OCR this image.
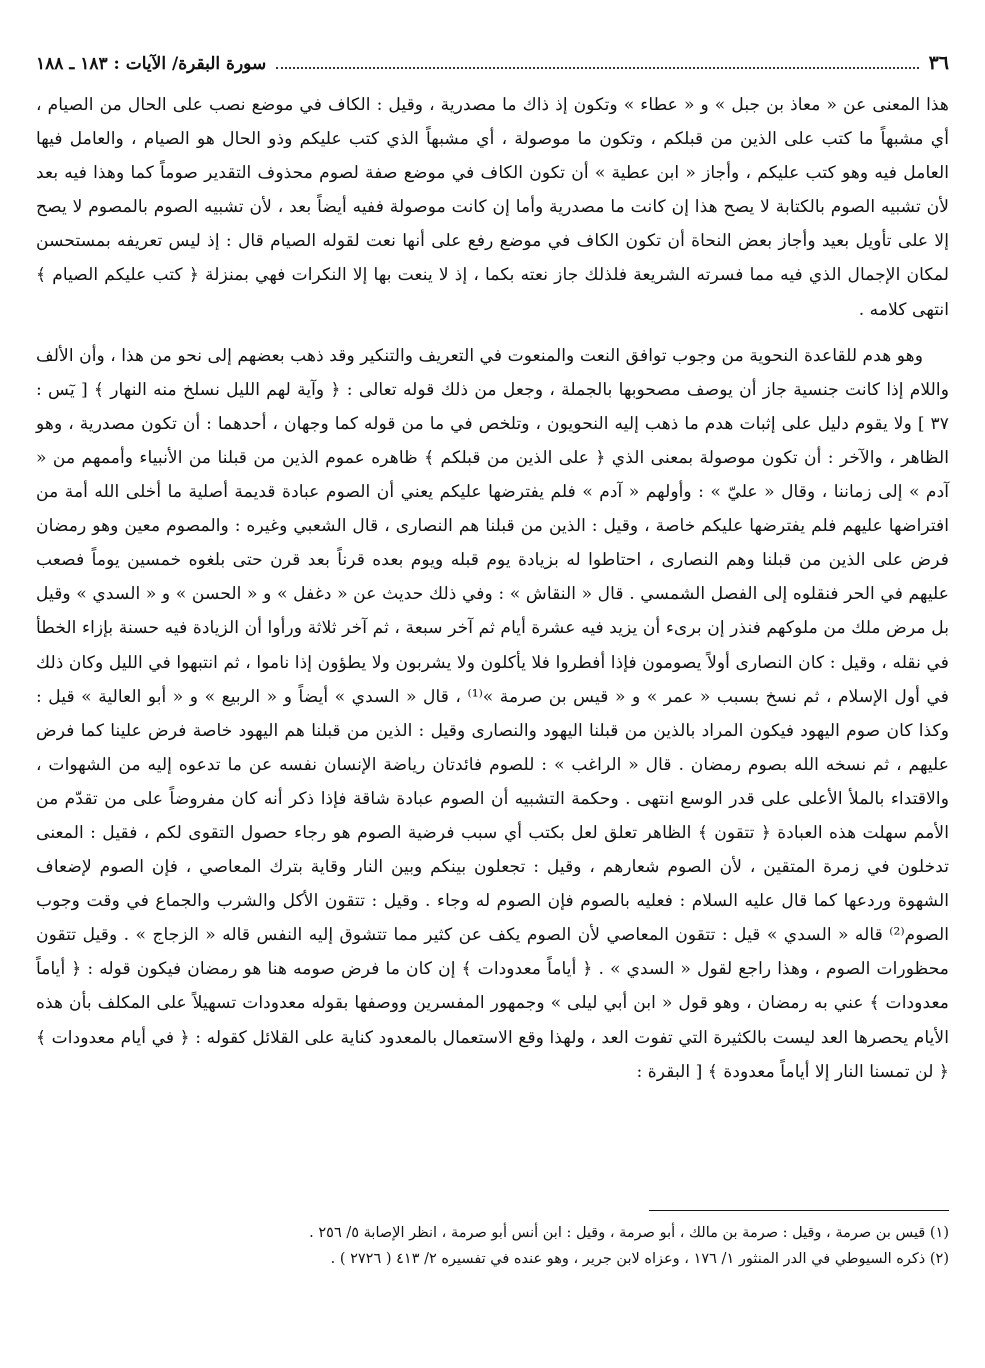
٣٦
سورة البقرة/ الآيات : ١٨٣ ـ ١٨٨

هذا المعنى عن « معاذ بن جبل » و « عطاء » وتكون إذ ذاك ما مصدرية ، وقيل : الكاف في موضع نصب على الحال من الصيام ، أي مشبهاً ما كتب على الذين من قبلكم ، وتكون ما موصولة ، أي مشبهاً الذي كتب عليكم وذو الحال هو الصيام ، والعامل فيها العامل فيه وهو كتب عليكم ، وأجاز « ابن عطية » أن تكون الكاف في موضع صفة لصوم محذوف التقدير صوماً كما وهذا فيه بعد لأن تشبيه الصوم بالكتابة لا يصح هذا إن كانت ما مصدرية وأما إن كانت موصولة ففيه أيضاً بعد ، لأن تشبيه الصوم بالمصوم لا يصح إلا على تأويل بعيد وأجاز بعض النحاة أن تكون الكاف في موضع رفع على أنها نعت لقوله الصيام قال : إذ ليس تعريفه بمستحسن لمكان الإجمال الذي فيه مما فسرته الشريعة فلذلك جاز نعته بكما ، إذ لا ينعت بها إلا النكرات فهي بمنزلة ﴿ كتب عليكم الصيام ﴾ انتهى كلامه .

وهو هدم للقاعدة النحوية من وجوب توافق النعت والمنعوت في التعريف والتنكير وقد ذهب بعضهم إلى نحو من هذا ، وأن الألف واللام إذا كانت جنسية جاز أن يوصف مصحوبها بالجملة ، وجعل من ذلك قوله تعالى : ﴿ وآية لهم الليل نسلخ منه النهار ﴾ [ يٓس : ٣٧ ] ولا يقوم دليل على إثبات هدم ما ذهب إليه النحويون ، وتلخص في ما من قوله كما وجهان ، أحدهما : أن تكون مصدرية ، وهو الظاهر ، والآخر : أن تكون موصولة بمعنى الذي ﴿ على الذين من قبلكم ﴾ ظاهره عموم الذين من قبلنا من الأنبياء وأممهم من « آدم » إلى زماننا ، وقال « عليّ » : وأولهم « آدم » فلم يفترضها عليكم يعني أن الصوم عبادة قديمة أصلية ما أخلى الله أمة من افتراضها عليهم فلم يفترضها عليكم خاصة ، وقيل : الذين من قبلنا هم النصارى ، قال الشعبي وغيره : والمصوم معين وهو رمضان فرض على الذين من قبلنا وهم النصارى ، احتاطوا له بزيادة يوم قبله ويوم بعده قرناً بعد قرن حتى بلغوه خمسين يوماً فصعب عليهم في الحر فنقلوه إلى الفصل الشمسي . قال « النقاش » : وفي ذلك حديث عن « دغفل » و « الحسن » و « السدي » وقيل بل مرض ملك من ملوكهم فنذر إن برىء أن يزيد فيه عشرة أيام ثم آخر سبعة ، ثم آخر ثلاثة ورأوا أن الزيادة فيه حسنة بإزاء الخطأ في نقله ، وقيل : كان النصارى أولاً يصومون فإذا أفطروا فلا يأكلون ولا يشربون ولا يطؤون إذا ناموا ، ثم انتبهوا في الليل وكان ذلك في أول الإسلام ، ثم نسخ بسبب « عمر » و « قيس بن صرمة »⁽¹⁾ ، قال « السدي » أيضاً و « الربيع » و « أبو العالية » قيل : وكذا كان صوم اليهود فيكون المراد بالذين من قبلنا اليهود والنصارى وقيل : الذين من قبلنا هم اليهود خاصة فرض علينا كما فرض عليهم ، ثم نسخه الله بصوم رمضان . قال « الراغب » : للصوم فائدتان رياضة الإنسان نفسه عن ما تدعوه إليه من الشهوات ، والاقتداء بالملأ الأعلى على قدر الوسع انتهى . وحكمة التشبيه أن الصوم عبادة شاقة فإذا ذكر أنه كان مفروضاً على من تقدّم من الأمم سهلت هذه العبادة ﴿ تتقون ﴾ الظاهر تعلق لعل بكتب أي سبب فرضية الصوم هو رجاء حصول التقوى لكم ، فقيل : المعنى تدخلون في زمرة المتقين ، لأن الصوم شعارهم ، وقيل : تجعلون بينكم وبين النار وقاية بترك المعاصي ، فإن الصوم لإضعاف الشهوة وردعها كما قال عليه السلام : فعليه بالصوم فإن الصوم له وجاء . وقيل : تتقون الأكل والشرب والجماع في وقت وجوب الصوم⁽²⁾ قاله « السدي » قيل : تتقون المعاصي لأن الصوم يكف عن كثير مما تتشوق إليه النفس قاله « الزجاج » . وقيل تتقون محظورات الصوم ، وهذا راجع لقول « السدي » . ﴿ أياماً معدودات ﴾ إن كان ما فرض صومه هنا هو رمضان فيكون قوله : ﴿ أياماً معدودات ﴾ عني به رمضان ، وهو قول « ابن أبي ليلى » وجمهور المفسرين ووصفها بقوله معدودات تسهيلاً على المكلف بأن هذه الأيام يحصرها العد ليست بالكثيرة التي تفوت العد ، ولهذا وقع الاستعمال بالمعدود كناية على القلائل كقوله : ﴿ في أيام معدودات ﴾ ﴿ لن تمسنا النار إلا أياماً معدودة ﴾ [ البقرة :

(١) قيس بن صرمة ، وقيل : صرمة بن مالك ، أبو صرمة ، وقيل : ابن أنس أبو صرمة ، انظر الإصابة ٥/ ٢٥٦ .

(٢) ذكره السيوطي في الدر المنثور ١/ ١٧٦ ، وعزاه لابن جرير ، وهو عنده في تفسيره ٢/ ٤١٣ ( ٢٧٢٦ ) .
